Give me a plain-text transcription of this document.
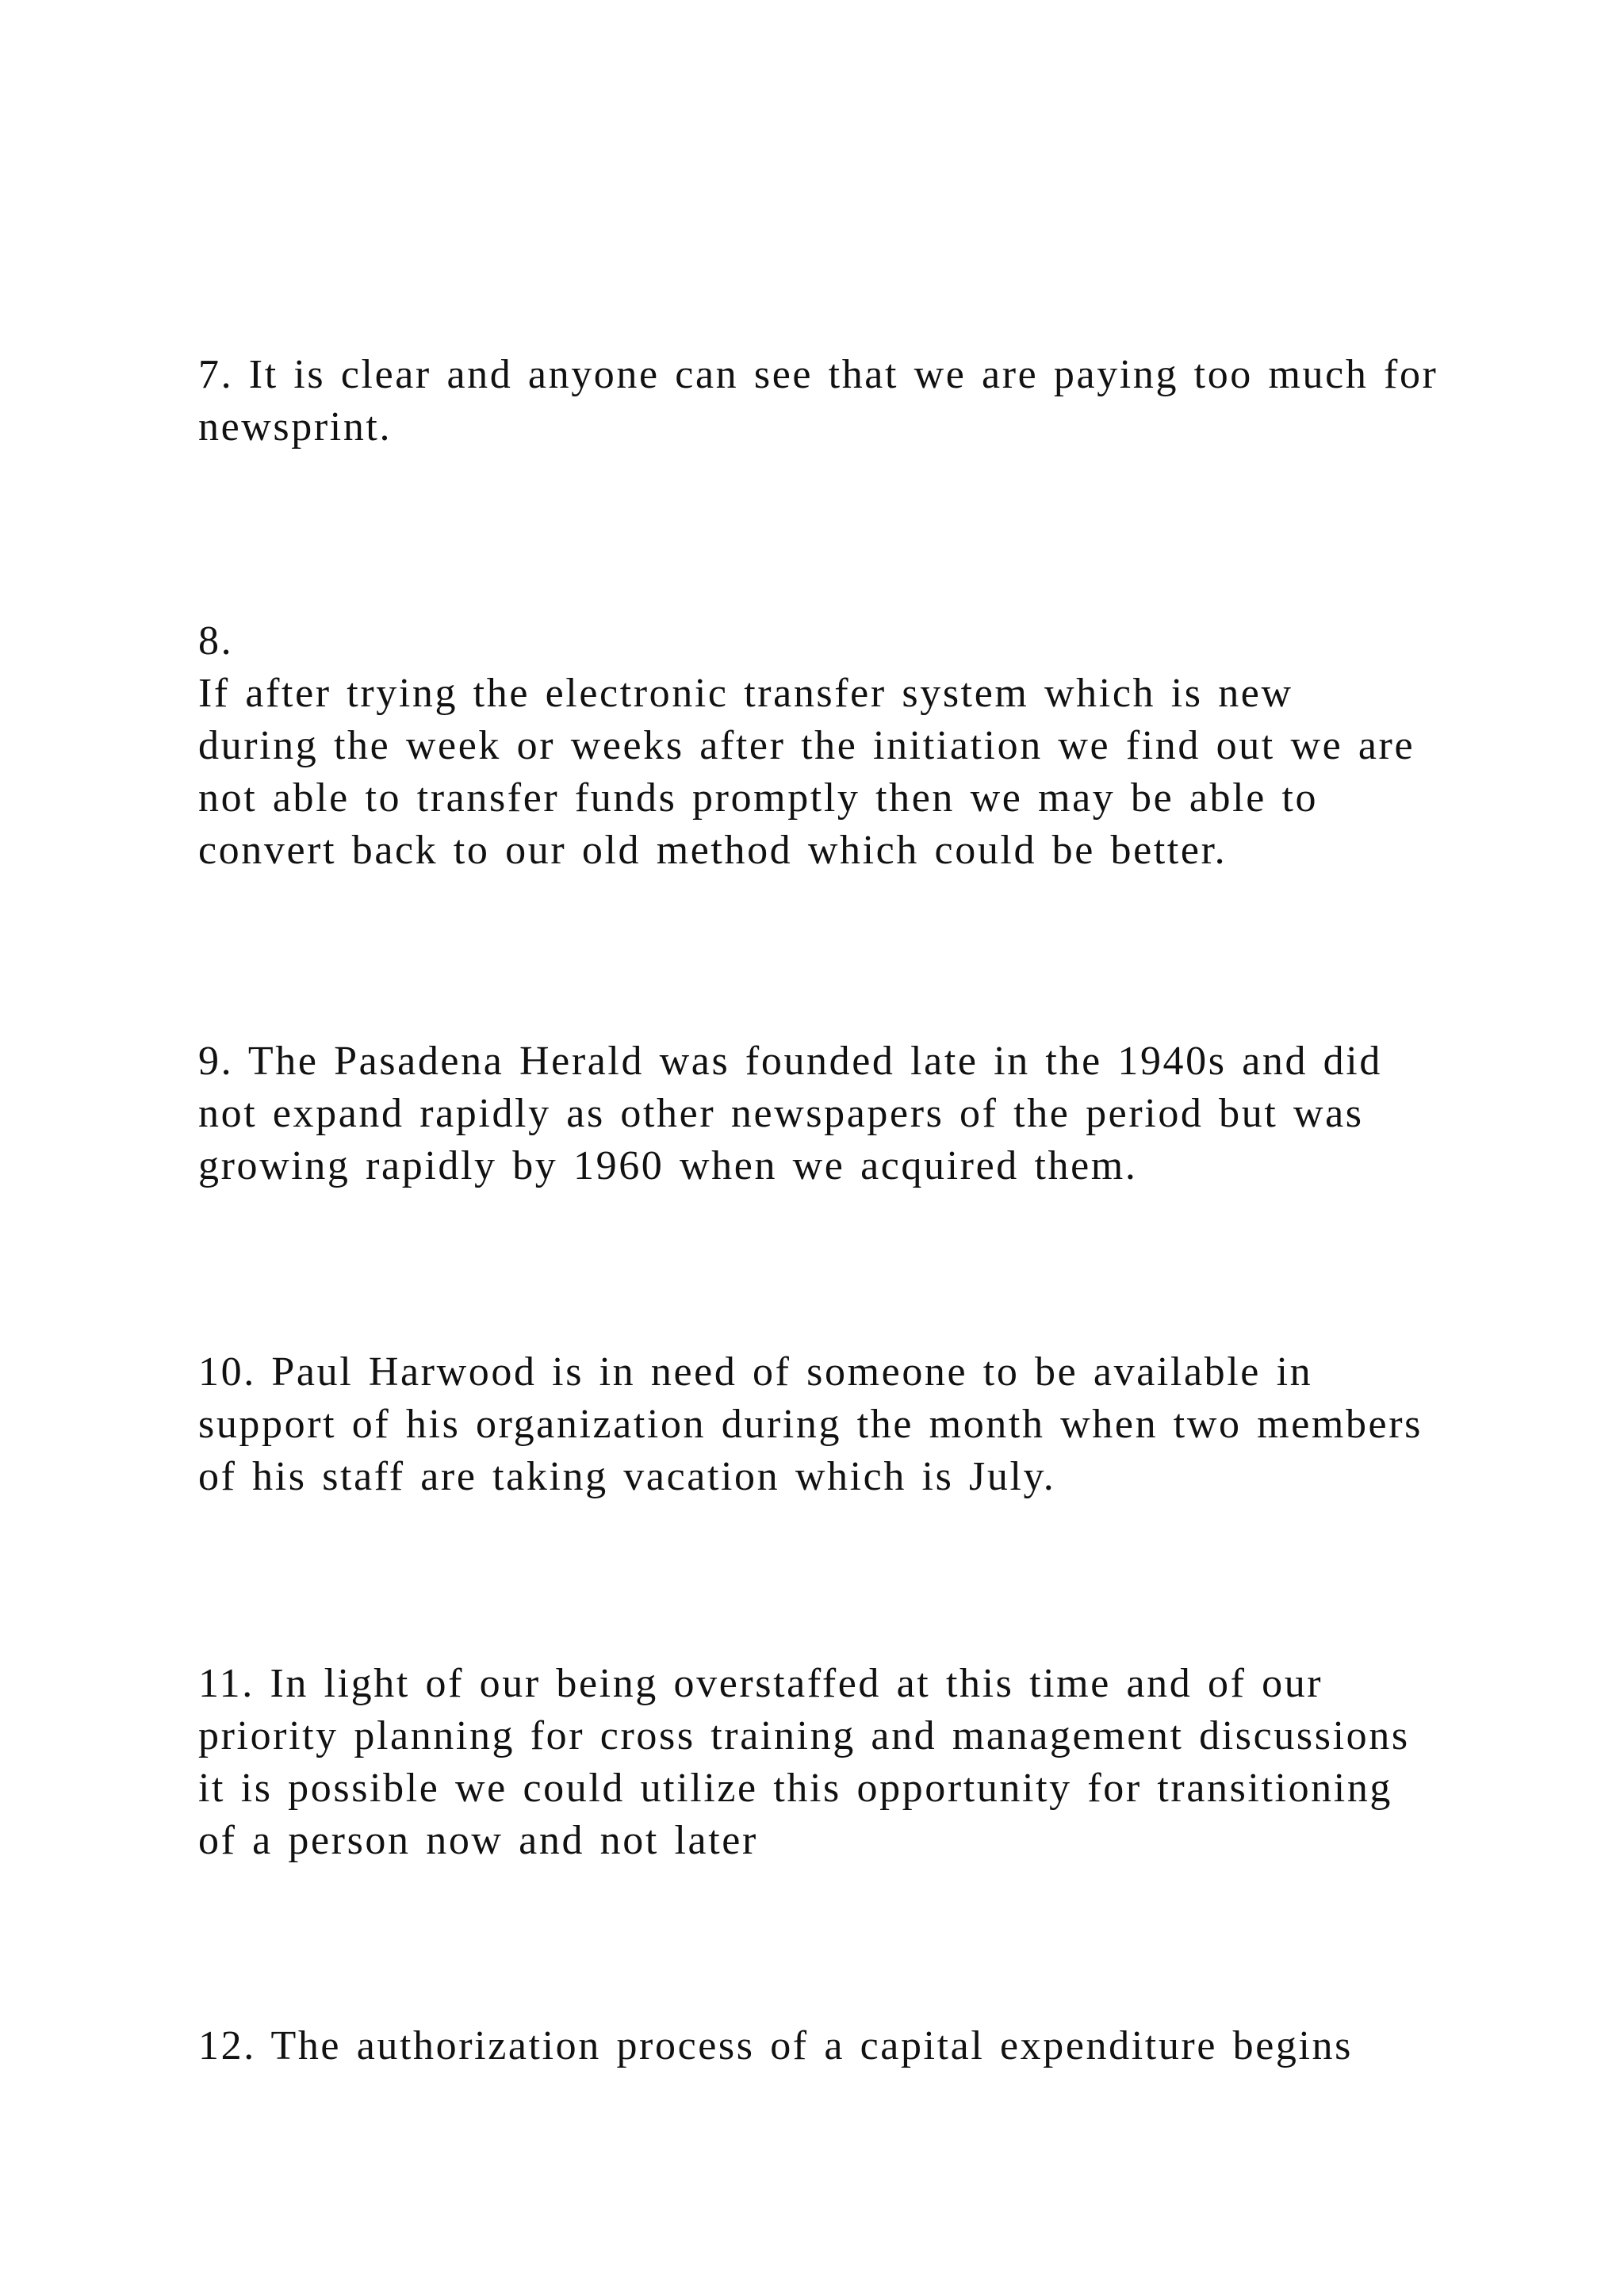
7. It is clear and anyone can see that we are paying too much for
newsprint.

8.

If after trying the electronic transfer system which is new
during the week or weeks after the initiation we find out we are
not able to transfer funds promptly then we may be able to
convert back to our old method which could be better.

9. The Pasadena Herald was founded late in the 1940s and did
not expand rapidly as other newspapers of the period but was
growing rapidly by 1960 when we acquired them.

10. Paul Harwood is in need of someone to be available in
support of his organization during the month when two members
of his staff are taking vacation which is July.

11. In light of our being overstaffed at this time and of our
priority planning for cross training and management discussions
it is possible we could utilize this opportunity for transitioning
of a person now and not later

12. The authorization process of a capital expenditure begins
